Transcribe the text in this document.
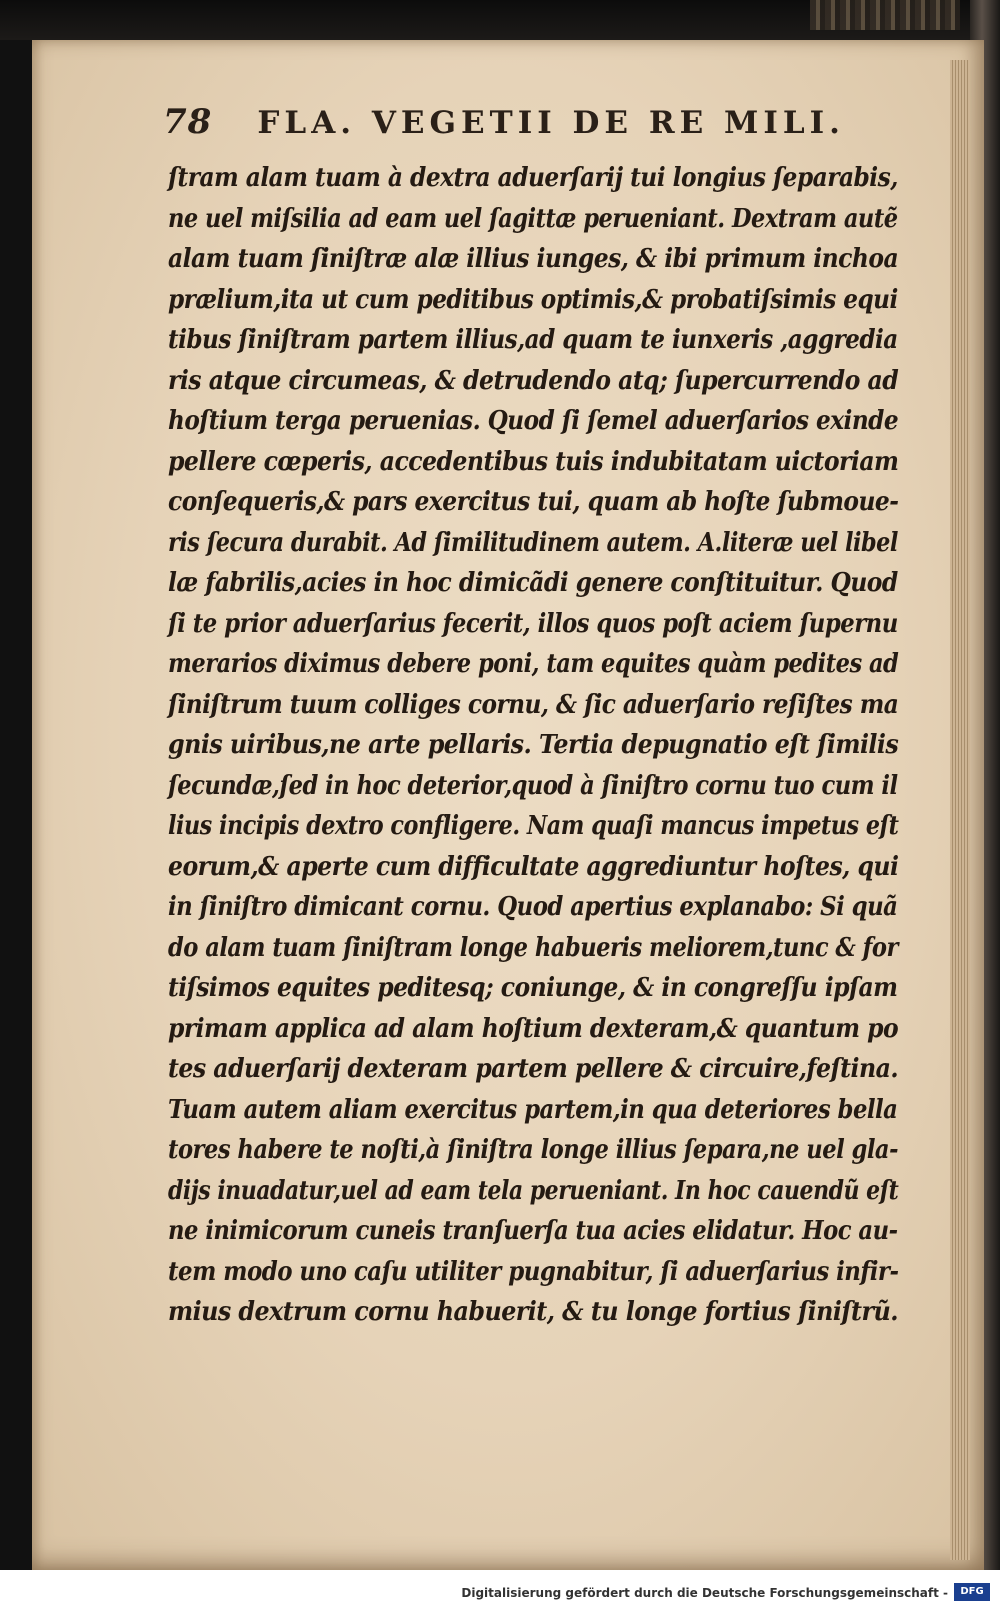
78 FLA. VEGETII DE RE MILI.
ſtram alam tuam à dextra aduerſarij tui longius ſeparabis,
ne uel miſsilia ad eam uel ſagittæ perueniant. Dextram autẽ
alam tuam ſiniſtræ alæ illius iunges, & ibi primum inchoa
prælium,ita ut cum peditibus optimis,& probatiſsimis equi
tibus ſiniſtram partem illius,ad quam te iunxeris ,aggredia
ris atque circumeas, & detrudendo atq; ſupercurrendo ad
hoſtium terga peruenias. Quod ſi ſemel aduerſarios exinde
pellere cœperis, accedentibus tuis indubitatam uictoriam
conſequeris,& pars exercitus tui, quam ab hoſte ſubmoue-
ris ſecura durabit. Ad ſimilitudinem autem. A.literæ uel libel
læ fabrilis,acies in hoc dimicãdi genere conſtituitur. Quod
ſi te prior aduerſarius fecerit, illos quos poſt aciem ſupernu
merarios diximus debere poni, tam equites quàm pedites ad
ſiniſtrum tuum colliges cornu, & ſic aduerſario reſiſtes ma
gnis uiribus,ne arte pellaris. Tertia depugnatio eſt ſimilis
ſecundæ,ſed in hoc deterior,quod à ſiniſtro cornu tuo cum il
lius incipis dextro confligere. Nam quaſi mancus impetus eſt
eorum,& aperte cum difficultate aggrediuntur hoſtes, qui
in ſiniſtro dimicant cornu. Quod apertius explanabo: Si quã
do alam tuam ſiniſtram longe habueris meliorem,tunc & for
tiſsimos equites peditesq; coniunge, & in congreſſu ipſam
primam applica ad alam hoſtium dexteram,& quantum po
tes aduerſarij dexteram partem pellere & circuire,feſtina.
Tuam autem aliam exercitus partem,in qua deteriores bella
tores habere te noſti,à ſiniſtra longe illius ſepara,ne uel gla-
dijs inuadatur,uel ad eam tela perueniant. In hoc cauendũ eſt
ne inimicorum cuneis tranſuerſa tua acies elidatur. Hoc au-
tem modo uno caſu utiliter pugnabitur, ſi aduerſarius infir-
mius dextrum cornu habuerit, & tu longe fortius ſiniſtrũ.
Digitalisierung gefördert durch die Deutsche Forschungsgemeinschaft -	DFG
